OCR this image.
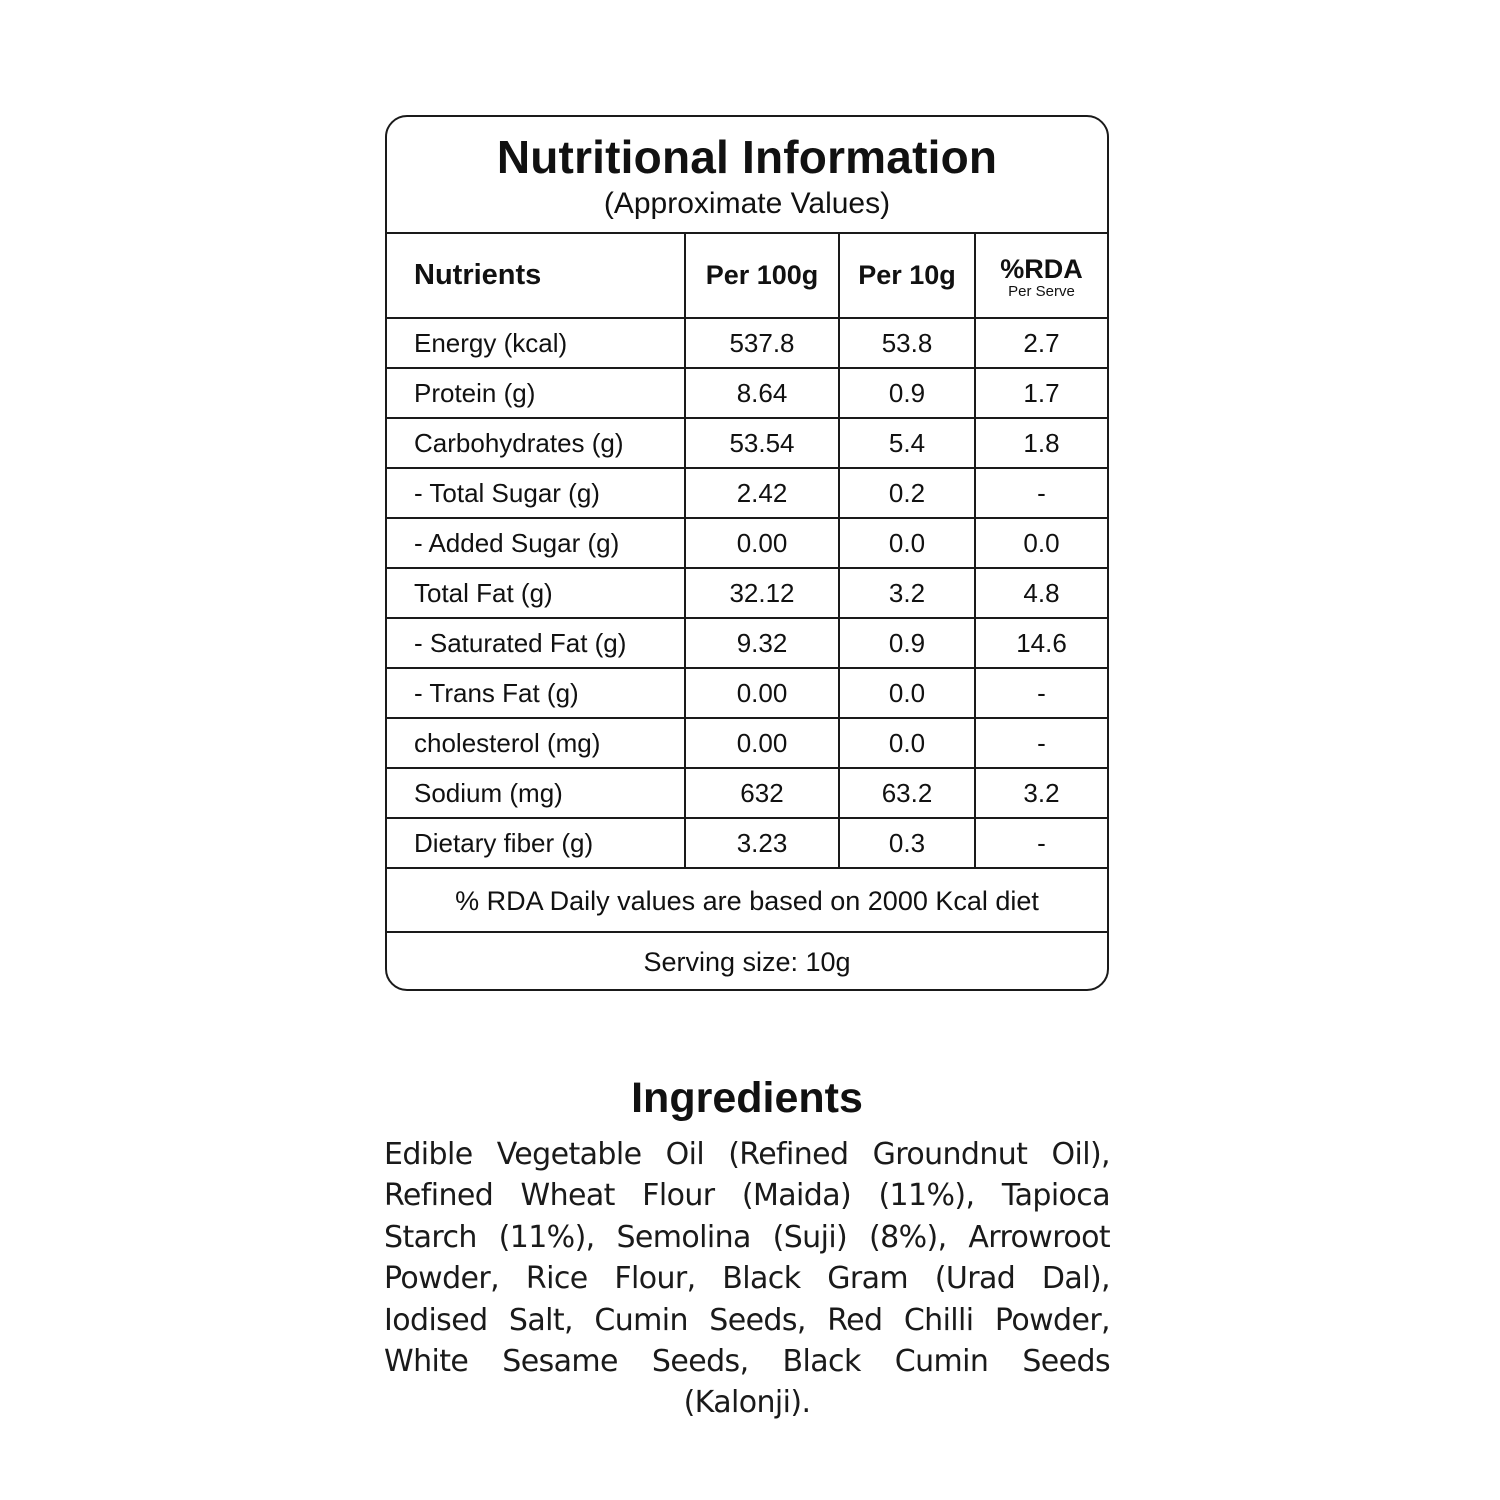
Nutritional Information
(Approximate Values)
Nutrients	Per 100g	Per 10g	%RDA
Per Serve

Energy (kcal)	537.8	53.8	2.7
Protein (g)	8.64	0.9	1.7
Carbohydrates (g)	53.54	5.4	1.8
- Total Sugar (g)	2.42	0.2	-
- Added Sugar (g)	0.00	0.0	0.0
Total Fat (g)	32.12	3.2	4.8
- Saturated Fat (g)	9.32	0.9	14.6
- Trans Fat (g)	0.00	0.0	-
cholesterol (mg)	0.00	0.0	-
Sodium (mg)	632	63.2	3.2
Dietary fiber (g)	3.23	0.3	-
% RDA Daily values are based on 2000 Kcal diet
Serving size: 10g
Ingredients
Edible Vegetable Oil (Refined Groundnut Oil), Refined Wheat Flour (Maida) (11%), Tapioca Starch (11%), Semolina (Suji) (8%), Arrowroot Powder, Rice Flour, Black Gram (Urad Dal), Iodised Salt, Cumin Seeds, Red Chilli Powder, White Sesame Seeds, Black Cumin Seeds (Kalonji).
